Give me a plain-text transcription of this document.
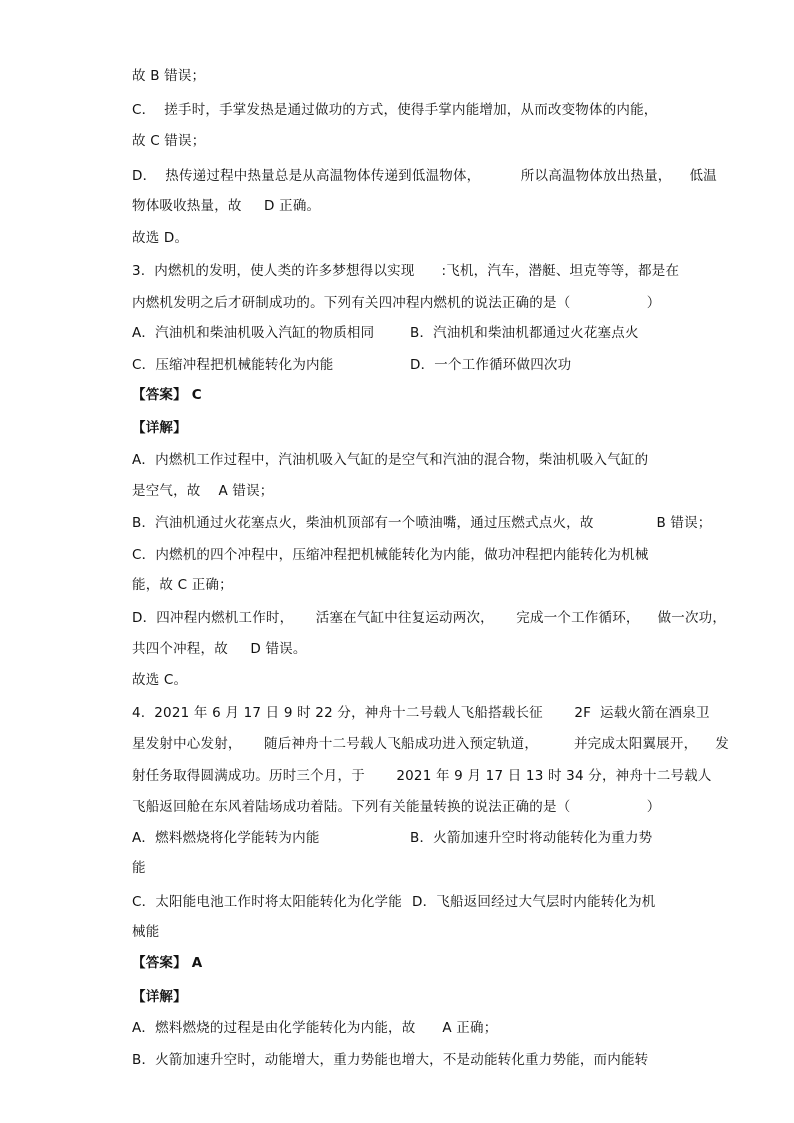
故 B 错误；
C．  搓手时，手掌发热是通过做功的方式，使得手掌内能增加，从而改变物体的内能，
故 C 错误；
D．  热传递过程中热量总是从高温物体传递到低温物体，         所以高温物体放出热量，    低温
物体吸收热量，故     D 正确。
故选 D。
3.  内燃机的发明，使人类的许多梦想得以实现      :飞机，汽车，潜艇、坦克等等，都是在
内燃机发明之后才研制成功的。下列有关四冲程内燃机的说法正确的是（                 ）
A．汽油机和柴油机吸入汽缸的物质相同	B．汽油机和柴油机都通过火花塞点火
C．压缩冲程把机械能转化为内能	D．一个工作循环做四次功
【答案】 C
【详解】
A．内燃机工作过程中，汽油机吸入气缸的是空气和汽油的混合物，柴油机吸入气缸的
是空气，故    A 错误；
B．汽油机通过火花塞点火，柴油机顶部有一个喷油嘴，通过压燃式点火，故              B 错误；
C．内燃机的四个冲程中，压缩冲程把机械能转化为内能，做功冲程把内能转化为机械
能，故 C 正确；
D．四冲程内燃机工作时，     活塞在气缸中往复运动两次，     完成一个工作循环，    做一次功，
共四个冲程，故     D 错误。
故选 C。
4.  2021 年 6 月 17 日 9 时 22 分，神舟十二号载人飞船搭载长征       2F  运载火箭在酒泉卫
星发射中心发射，     随后神舟十二号载人飞船成功进入预定轨道，        并完成太阳翼展开，    发
射任务取得圆满成功。历时三个月，于       2021 年 9 月 17 日 13 时 34 分，神舟十二号载人
飞船返回舱在东风着陆场成功着陆。下列有关能量转换的说法正确的是（                 ）
A．燃料燃烧将化学能转为内能	B．火箭加速升空时将动能转化为重力势
能
C．太阳能电池工作时将太阳能转化为化学能 D．飞船返回经过大气层时内能转化为机
械能
【答案】 A
【详解】
A．燃料燃烧的过程是由化学能转化为内能，故      A 正确；
B．火箭加速升空时，动能增大，重力势能也增大，不是动能转化重力势能，而内能转
